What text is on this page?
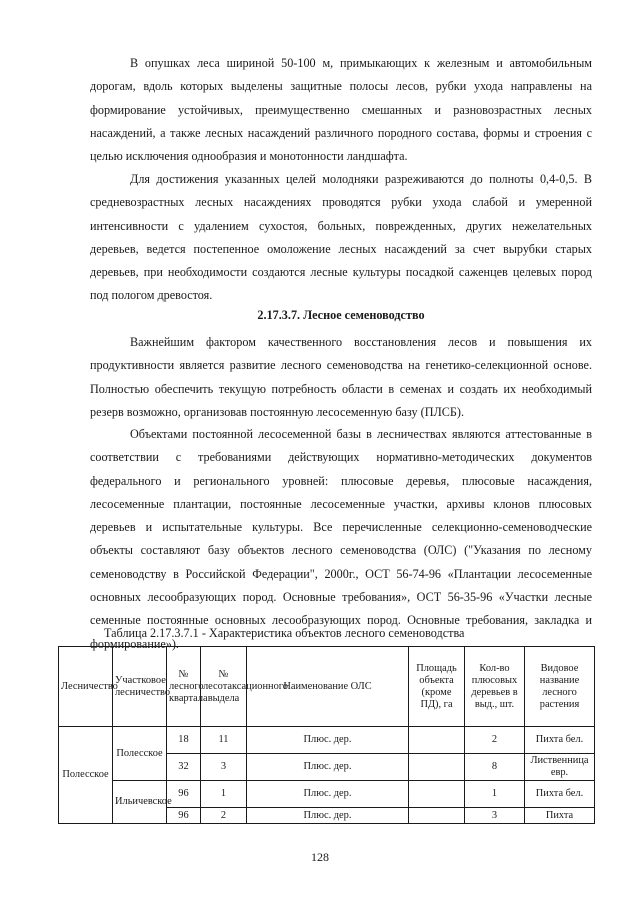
В опушках леса шириной 50-100 м, примыкающих к железным и автомобильным дорогам, вдоль которых выделены защитные полосы лесов, рубки ухода направлены на формирование устойчивых, преимущественно смешанных и разновозрастных лесных насаждений, а также лесных насаждений различного породного состава, формы и строения с целью исключения однообразия и монотонности ландшафта.

Для достижения указанных целей молодняки разреживаются до полноты 0,4-0,5. В средневозрастных лесных насаждениях проводятся рубки ухода слабой и умеренной интенсивности с удалением сухостоя, больных, поврежденных, других нежелательных деревьев, ведется постепенное омоложение лесных насаждений за счет вырубки старых деревьев, при необходимости создаются лесные культуры посадкой саженцев целевых пород под пологом древостоя.

2.17.3.7. Лесное семеноводство

Важнейшим фактором качественного восстановления лесов и повышения их продуктивности является развитие лесного семеноводства на генетико-селекционной основе. Полностью обеспечить текущую потребность области в семенах и создать их необходимый резерв возможно, организовав постоянную лесосеменную базу (ПЛСБ).

Объектами постоянной лесосеменной базы в лесничествах являются аттестованные в соответствии с требованиями действующих нормативно-методических документов федерального и регионального уровней: плюсовые деревья, плюсовые насаждения, лесосеменные плантации, постоянные лесосеменные участки, архивы клонов плюсовых деревьев и испытательные культуры. Все перечисленные селекционно-семеноводческие объекты составляют базу объектов лесного семеноводства (ОЛС) ("Указания по лесному семеноводству в Российской Федерации", 2000г., ОСТ 56-74-96 «Плантации лесосеменные основных лесообразующих пород. Основные требования», ОСТ 56-35-96 «Участки лесные семенные постоянные основных лесообразующих пород. Основные требования, закладка и формирование»).

Таблица 2.17.3.7.1 - Характеристика объектов лесного семеноводства

Лесничество	Участковое лесничество	№ лесного квартала	№ лесотаксационного выдела	Наименование ОЛС	Площадь объекта (кроме ПД), га	Кол-во плюсовых деревьев в выд., шт.	Видовое название лесного растения
Полесское	Полесское	18	11	Плюс. дер.		2	Пихта бел.
		32	3	Плюс. дер.		8	Лиственница евр.
	Ильичевское	96	1	Плюс. дер.		1	Пихта бел.
		96	2	Плюс. дер.		3	Пихта
128
